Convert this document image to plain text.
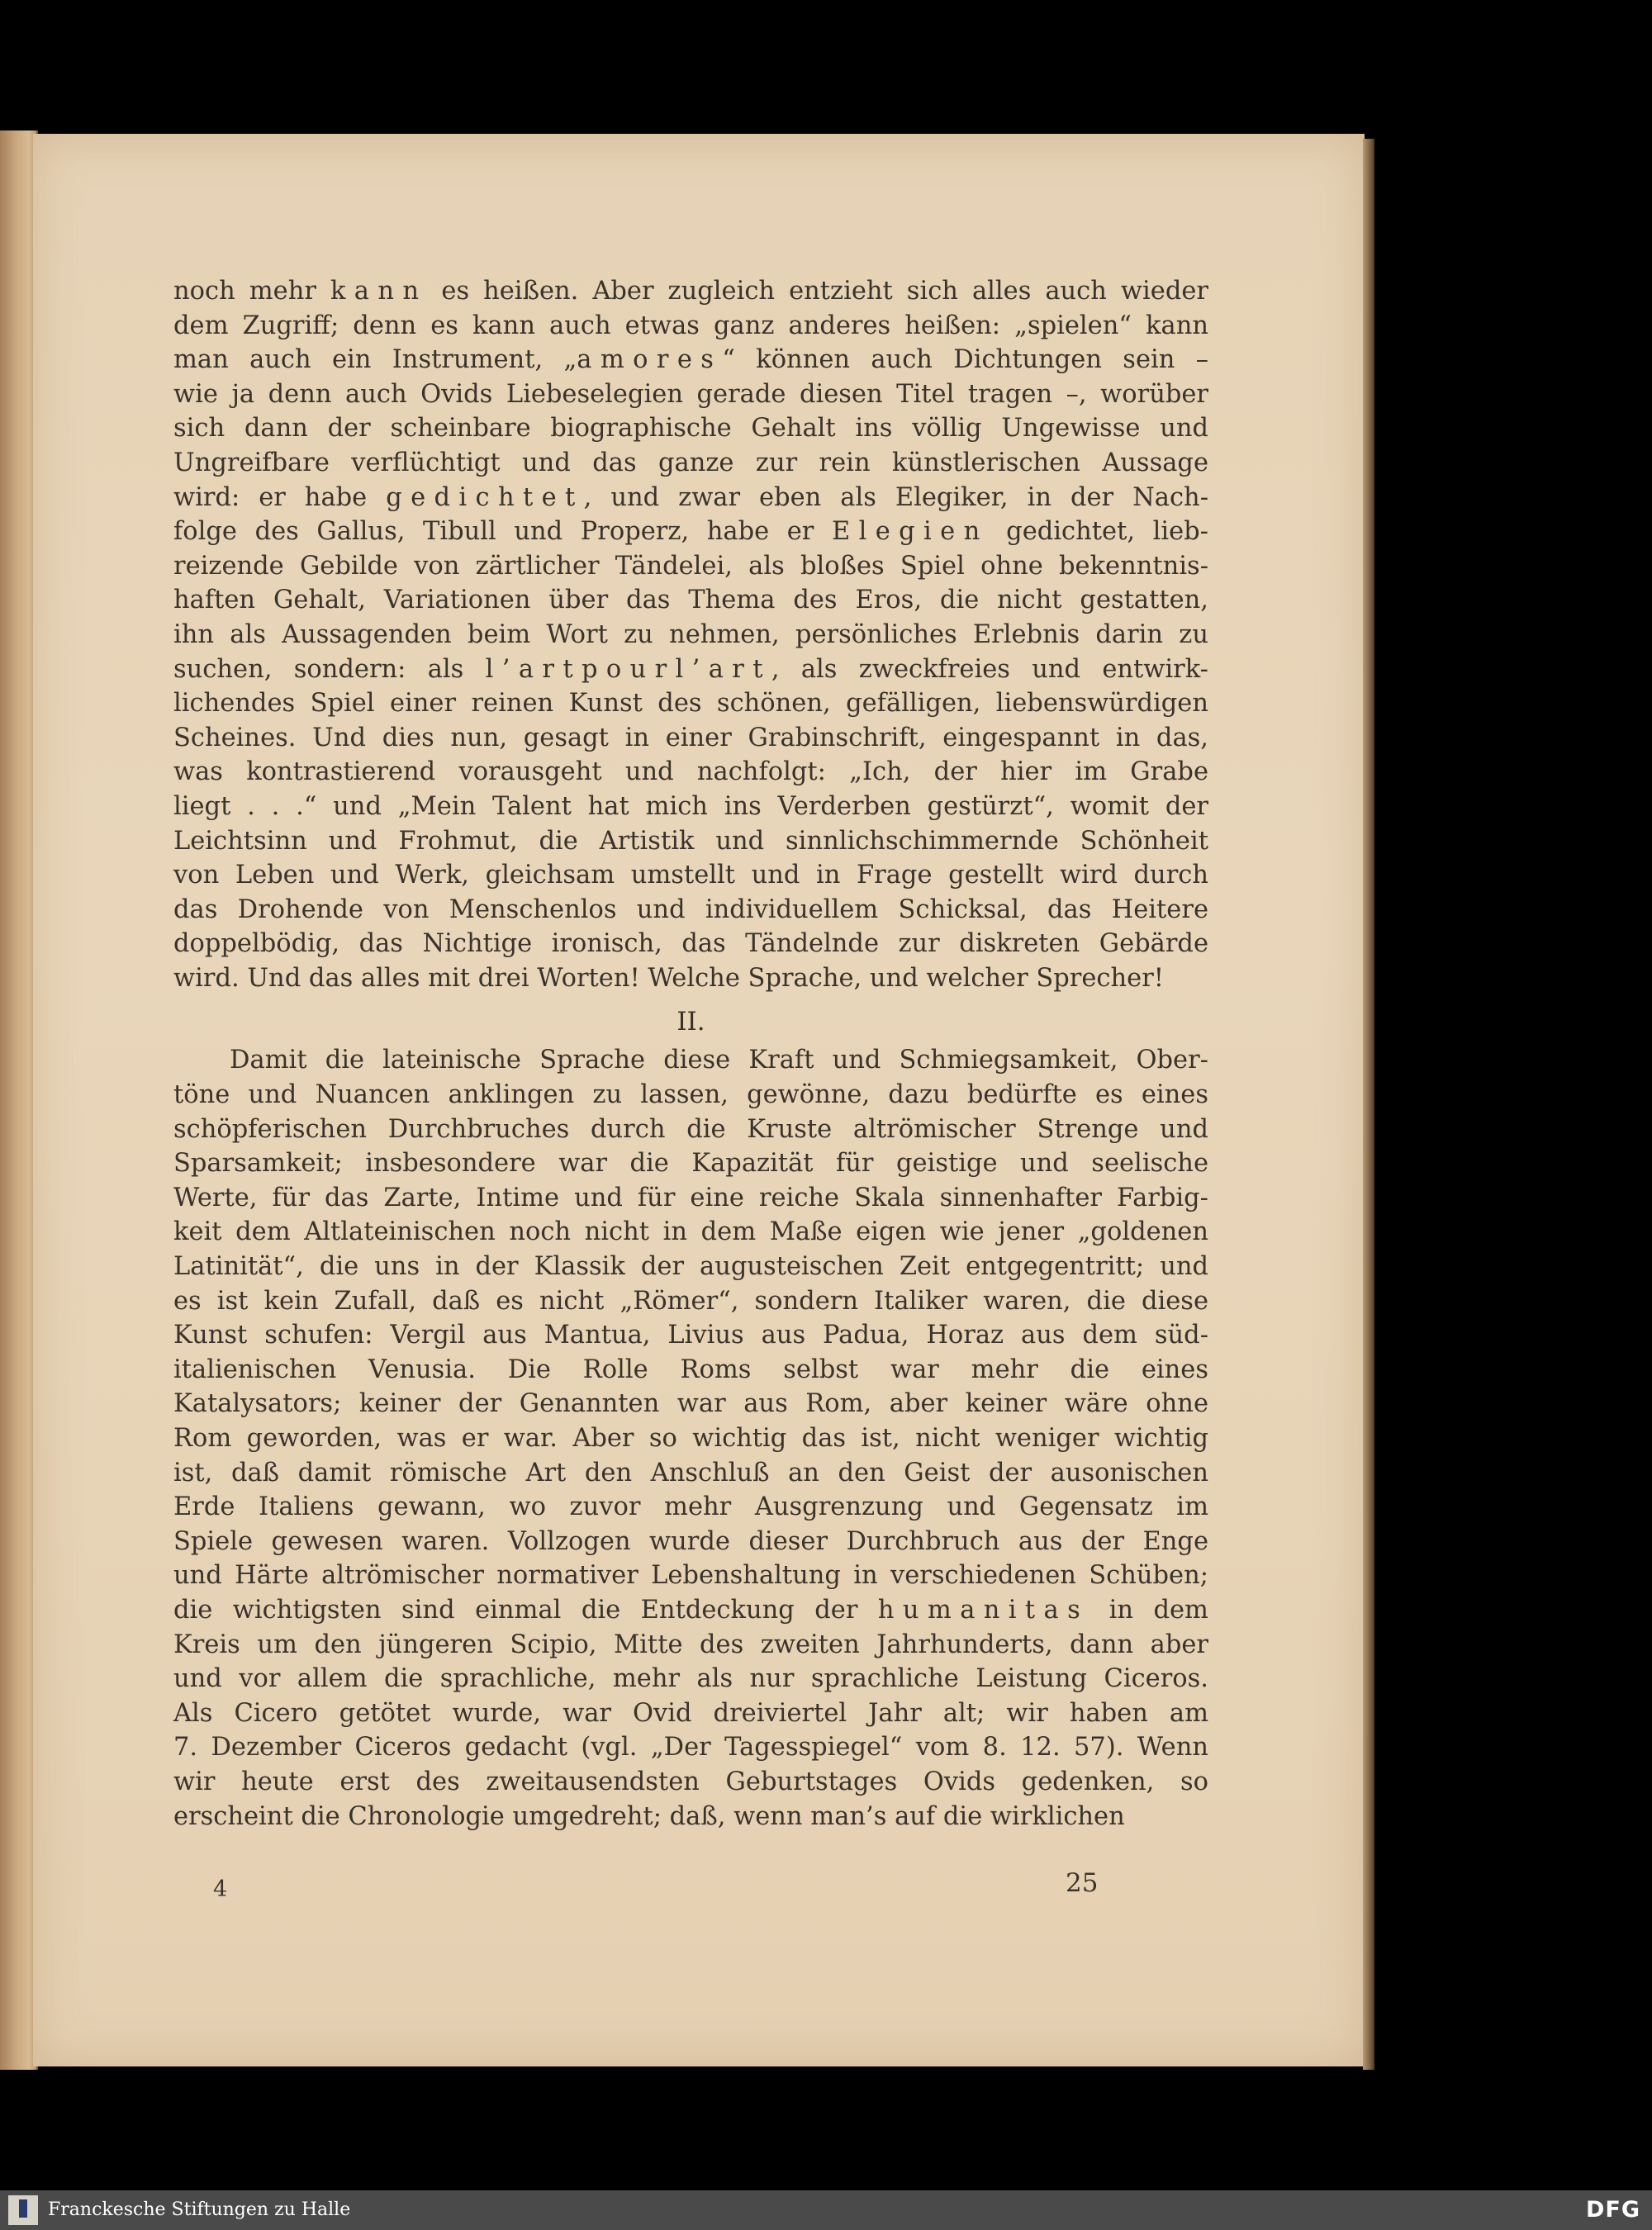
noch mehr kann es heißen. Aber zugleich entzieht sich alles auch wieder
dem Zugriff; denn es kann auch etwas ganz anderes heißen: „spielen“ kann
man auch ein Instrument, „amores“ können auch Dichtungen sein –
wie ja denn auch Ovids Liebeselegien gerade diesen Titel tragen –, worüber
sich dann der scheinbare biographische Gehalt ins völlig Ungewisse und
Ungreifbare verflüchtigt und das ganze zur rein künstlerischen Aussage
wird: er habe gedichtet, und zwar eben als Elegiker, in der Nach-
folge des Gallus, Tibull und Properz, habe er Elegien gedichtet, lieb-
reizende Gebilde von zärtlicher Tändelei, als bloßes Spiel ohne bekenntnis-
haften Gehalt, Variationen über das Thema des Eros, die nicht gestatten,
ihn als Aussagenden beim Wort zu nehmen, persönliches Erlebnis darin zu
suchen, sondern: als l’artpourl’art, als zweckfreies und entwirk-
lichendes Spiel einer reinen Kunst des schönen, gefälligen, liebenswürdigen
Scheines. Und dies nun, gesagt in einer Grabinschrift, eingespannt in das,
was kontrastierend vorausgeht und nachfolgt: „Ich, der hier im Grabe
liegt . . .“ und „Mein Talent hat mich ins Verderben gestürzt“, womit der
Leichtsinn und Frohmut, die Artistik und sinnlichschimmernde Schönheit
von Leben und Werk, gleichsam umstellt und in Frage gestellt wird durch
das Drohende von Menschenlos und individuellem Schicksal, das Heitere
doppelbödig, das Nichtige ironisch, das Tändelnde zur diskreten Gebärde
wird. Und das alles mit drei Worten! Welche Sprache, und welcher Sprecher!
II.
Damit die lateinische Sprache diese Kraft und Schmiegsamkeit, Ober-
töne und Nuancen anklingen zu lassen, gewönne, dazu bedürfte es eines
schöpferischen Durchbruches durch die Kruste altrömischer Strenge und
Sparsamkeit; insbesondere war die Kapazität für geistige und seelische
Werte, für das Zarte, Intime und für eine reiche Skala sinnenhafter Farbig-
keit dem Altlateinischen noch nicht in dem Maße eigen wie jener „goldenen
Latinität“, die uns in der Klassik der augusteischen Zeit entgegentritt; und
es ist kein Zufall, daß es nicht „Römer“, sondern Italiker waren, die diese
Kunst schufen: Vergil aus Mantua, Livius aus Padua, Horaz aus dem süd-
italienischen Venusia. Die Rolle Roms selbst war mehr die eines
Katalysators; keiner der Genannten war aus Rom, aber keiner wäre ohne
Rom geworden, was er war. Aber so wichtig das ist, nicht weniger wichtig
ist, daß damit römische Art den Anschluß an den Geist der ausonischen
Erde Italiens gewann, wo zuvor mehr Ausgrenzung und Gegensatz im
Spiele gewesen waren. Vollzogen wurde dieser Durchbruch aus der Enge
und Härte altrömischer normativer Lebenshaltung in verschiedenen Schüben;
die wichtigsten sind einmal die Entdeckung der humanitas in dem
Kreis um den jüngeren Scipio, Mitte des zweiten Jahrhunderts, dann aber
und vor allem die sprachliche, mehr als nur sprachliche Leistung Ciceros.
Als Cicero getötet wurde, war Ovid dreiviertel Jahr alt; wir haben am
7. Dezember Ciceros gedacht (vgl. „Der Tagesspiegel“ vom 8. 12. 57). Wenn
wir heute erst des zweitausendsten Geburtstages Ovids gedenken, so
erscheint die Chronologie umgedreht; daß, wenn man’s auf die wirklichen
4	25
Franckesche Stiftungen zu Halle	DFG
